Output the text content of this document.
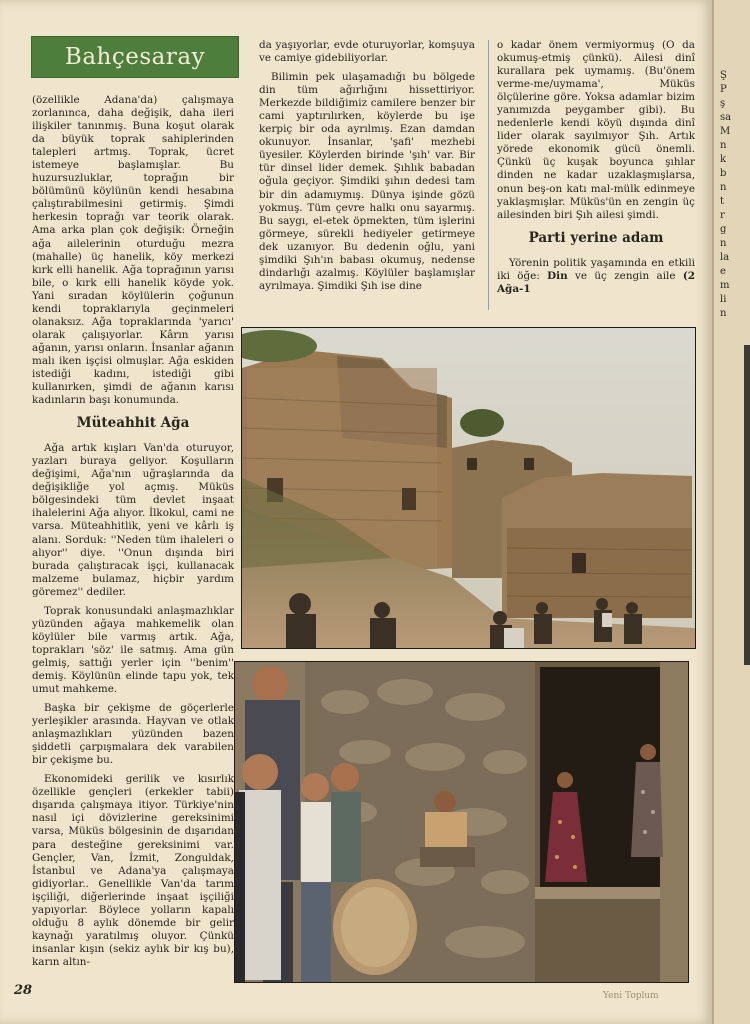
Bahçesaray

(özellikle Adana'da) çalışmaya zorlanınca, daha değişik, daha ileri ilişkiler tanınmış. Buna koşut olarak da büyük toprak sahiplerinden talepleri artmış. Toprak, ücret istemeye başlamışlar. Bu huzursuzluklar, toprağın bir bölümünü köylünün kendi hesabına çalıştırabilmesini getirmiş. Şimdi herkesin toprağı var teorik olarak. Ama arka plan çok değişik: Örneğin ağa ailelerinin oturduğu mezra (mahalle) üç hanelik, köy merkezi kırk elli hanelik. Ağa toprağının yarısı bile, o kırk elli hanelik köyde yok. Yani sıradan köylülerin çoğunun kendi topraklarıyla geçinmeleri olanaksız. Ağa topraklarında 'yarıcı' olarak çalışıyorlar. Kârın yarısı ağanın, yarısı onların. İnsanlar ağanın malı iken işçisi olmuşlar. Ağa eskiden istediği kadını, istediği gibi kullanırken, şimdi de ağanın karısı kadınların başı konumunda.

Müteahhit Ağa

Ağa artık kışları Van'da oturuyor, yazları buraya geliyor. Koşulların değişimi, Ağa'nın uğraşlarında da değişikliğe yol açmış. Müküs bölgesindeki tüm devlet inşaat ihalelerini Ağa alıyor. İlkokul, cami ne varsa. Müteahhitlik, yeni ve kârlı iş alanı. Sorduk: ''Neden tüm ihaleleri o alıyor'' diye. ''Onun dışında biri burada çalıştıracak işçi, kullanacak malzeme bulamaz, hiçbir yardım göremez'' dediler.

Toprak konusundaki anlaşmazlıklar yüzünden ağaya mahkemelik olan köylüler bile varmış artık. Ağa, toprakları 'söz' ile satmış. Ama gün gelmiş, sattığı yerler için ''benim'' demiş. Köylünün elinde tapu yok, tek umut mahkeme.

Başka bir çekişme de göçerlerle yerleşikler arasında. Hayvan ve otlak anlaşmazlıkları yüzünden bazen şiddetli çarpışmalara dek varabilen bir çekişme bu.

Ekonomideki gerilik ve kısırlık özellikle gençleri (erkekler tabii) dışarıda çalışmaya itiyor. Türkiye'nin nasıl içi dövizlerine gereksinimi varsa, Müküs bölgesinin de dışarıdan para desteğine gereksinimi var. Gençler, Van, İzmit, Zonguldak, İstanbul ve Adana'ya çalışmaya gidiyorlar.. Genellikle Van'da tarım işçiliği, diğerlerinde inşaat işçiliği yapıyorlar. Böylece yolların kapalı olduğu 8 aylık dönemde bir gelir kaynağı yaratılmış oluyor. Çünkü insanlar kışın (sekiz aylık bir kış bu), karın altın-

da yaşıyorlar, evde oturuyorlar, komşuya ve camiye gidebiliyorlar.

Bilimin pek ulaşamadığı bu bölgede din tüm ağırlığını hissettiriyor. Merkezde bildiğimiz camilere benzer bir cami yaptırılırken, köylerde bu işe kerpiç bir oda ayrılmış. Ezan damdan okunuyor. İnsanlar, 'şafi' mezhebi üyesiler. Köylerden birinde 'şıh' var. Bir tür dinsel lider demek. Şıhlık babadan oğula geçiyor. Şimdiki şıhın dedesi tam bir din adamıymış. Dünya işinde gözü yokmuş. Tüm çevre halkı onu sayarmış. Bu saygı, el-etek öpmekten, tüm işlerini görmeye, sürekli hediyeler getirmeye dek uzanıyor. Bu dedenin oğlu, yani şimdiki Şıh'ın babası okumuş, nedense dindarlığı azalmış. Köylüler başlamışlar ayrılmaya. Şimdiki Şıh ise dine

o kadar önem vermiyormuş (O da okumuş-etmiş çünkü). Ailesi dinî kurallara pek uymamış. (Bu'önem verme-me/uymama', Müküs ölçülerine göre. Yoksa adamlar bizim yanımızda peygamber gibi). Bu nedenlerle kendi köyü dışında dinî lider olarak sayılmıyor Şıh. Artık yörede ekonomik gücü önemli. Çünkü üç kuşak boyunca şıhlar dinden ne kadar uzaklaşmışlarsa, onun beş-on katı mal-mülk edinmeye yaklaşmışlar. Müküs'ün en zengin üç ailesinden biri Şıh ailesi şimdi.

Parti yerine adam

Yörenin politik yaşamında en etkili iki öğe: Din ve üç zengin aile (2 Ağa-1

28	Yeni Toplum
Ş
P
ş
sa
M
n
k
b
n
t
r
g
n
la
e
m
li
n
